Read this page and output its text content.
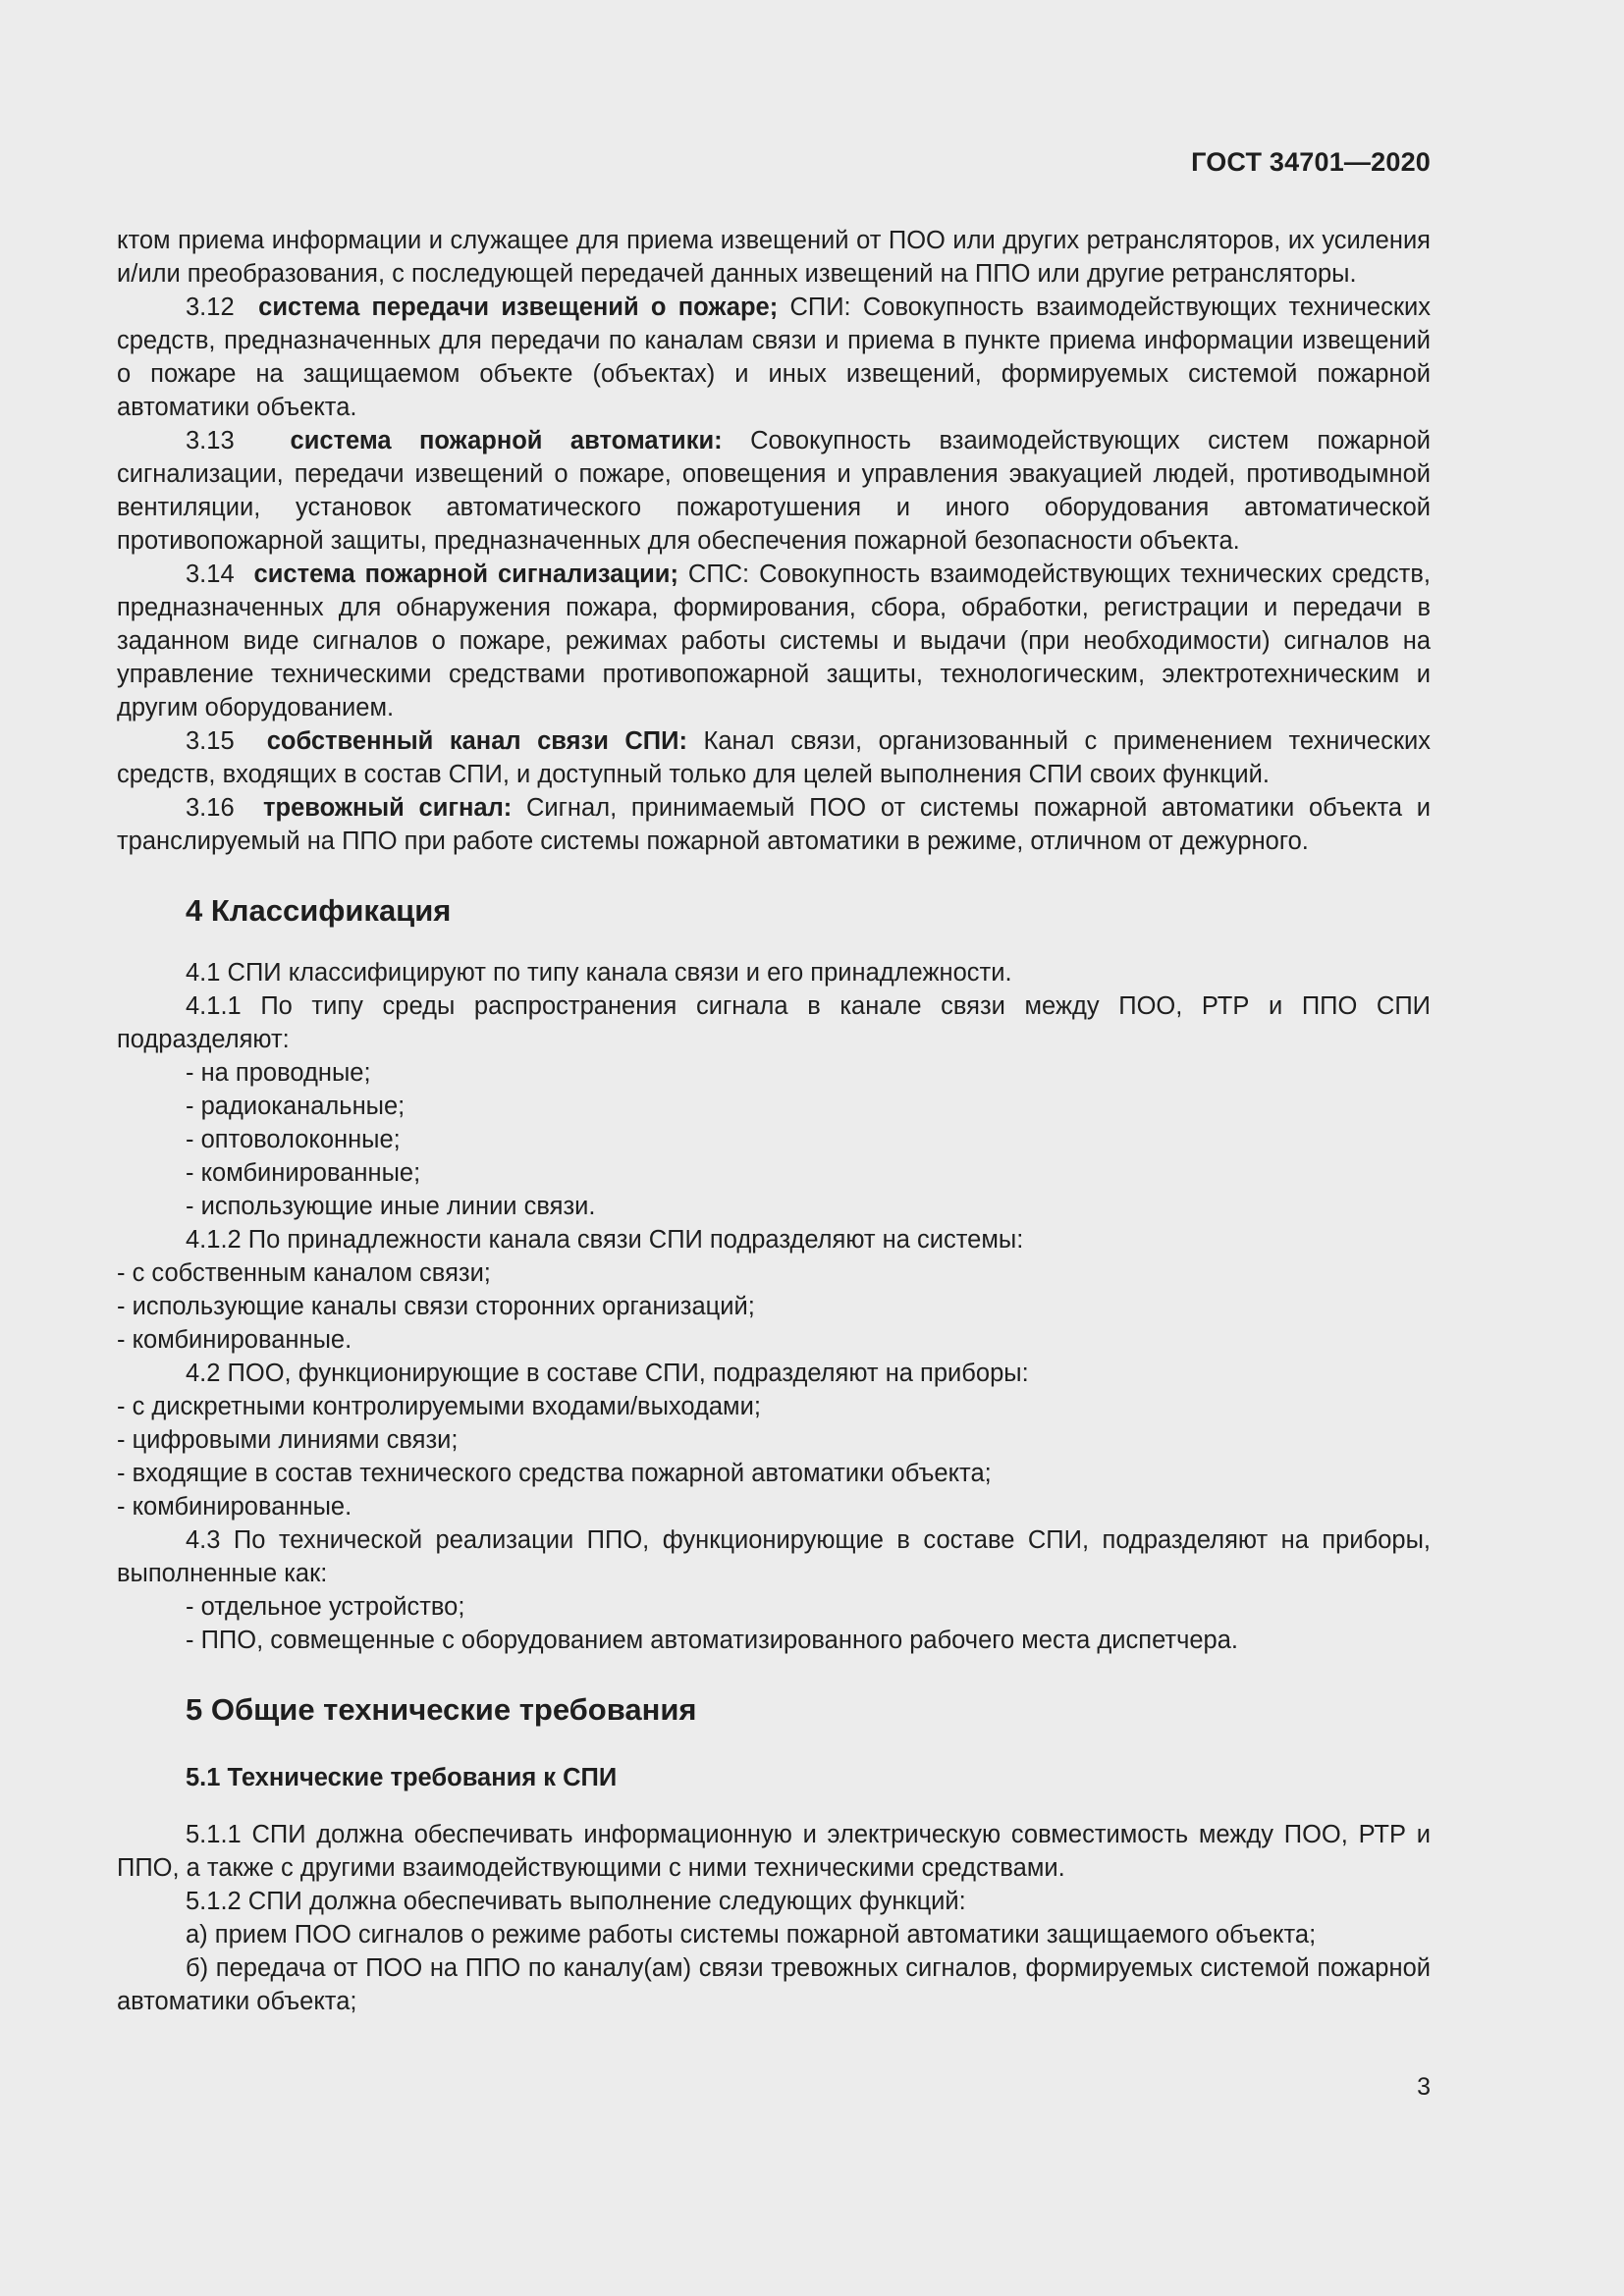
ГОСТ 34701—2020

ктом приема информации и служащее для приема извещений от ПОО или других ретрансляторов, их усиления и/или преобразования, с последующей передачей данных извещений на ППО или другие ретрансляторы.

3.12 система передачи извещений о пожаре; СПИ: Совокупность взаимодействующих технических средств, предназначенных для передачи по каналам связи и приема в пункте приема информации извещений о пожаре на защищаемом объекте (объектах) и иных извещений, формируемых системой пожарной автоматики объекта.

3.13 система пожарной автоматики: Совокупность взаимодействующих систем пожарной сигнализации, передачи извещений о пожаре, оповещения и управления эвакуацией людей, противодымной вентиляции, установок автоматического пожаротушения и иного оборудования автоматической противопожарной защиты, предназначенных для обеспечения пожарной безопасности объекта.

3.14 система пожарной сигнализации; СПС: Совокупность взаимодействующих технических средств, предназначенных для обнаружения пожара, формирования, сбора, обработки, регистрации и передачи в заданном виде сигналов о пожаре, режимах работы системы и выдачи (при необходимости) сигналов на управление техническими средствами противопожарной защиты, технологическим, электротехническим и другим оборудованием.

3.15 собственный канал связи СПИ: Канал связи, организованный с применением технических средств, входящих в состав СПИ, и доступный только для целей выполнения СПИ своих функций.

3.16 тревожный сигнал: Сигнал, принимаемый ПОО от системы пожарной автоматики объекта и транслируемый на ППО при работе системы пожарной автоматики в режиме, отличном от дежурного.

4 Классификация

4.1 СПИ классифицируют по типу канала связи и его принадлежности.

4.1.1 По типу среды распространения сигнала в канале связи между ПОО, РТР и ППО СПИ подразделяют:

- на проводные;

- радиоканальные;

- оптоволоконные;

- комбинированные;

- использующие иные линии связи.

4.1.2 По принадлежности канала связи СПИ подразделяют на системы:

- с собственным каналом связи;

- использующие каналы связи сторонних организаций;

- комбинированные.

4.2 ПОО, функционирующие в составе СПИ, подразделяют на приборы:

- с дискретными контролируемыми входами/выходами;

- цифровыми линиями связи;

- входящие в состав технического средства пожарной автоматики объекта;

- комбинированные.

4.3 По технической реализации ППО, функционирующие в составе СПИ, подразделяют на приборы, выполненные как:

- отдельное устройство;

- ППО, совмещенные с оборудованием автоматизированного рабочего места диспетчера.

5 Общие технические требования
5.1 Технические требования к СПИ

5.1.1 СПИ должна обеспечивать информационную и электрическую совместимость между ПОО, РТР и ППО, а также с другими взаимодействующими с ними техническими средствами.

5.1.2 СПИ должна обеспечивать выполнение следующих функций:

а) прием ПОО сигналов о режиме работы системы пожарной автоматики защищаемого объекта;

б) передача от ПОО на ППО по каналу(ам) связи тревожных сигналов, формируемых системой пожарной автоматики объекта;

3
